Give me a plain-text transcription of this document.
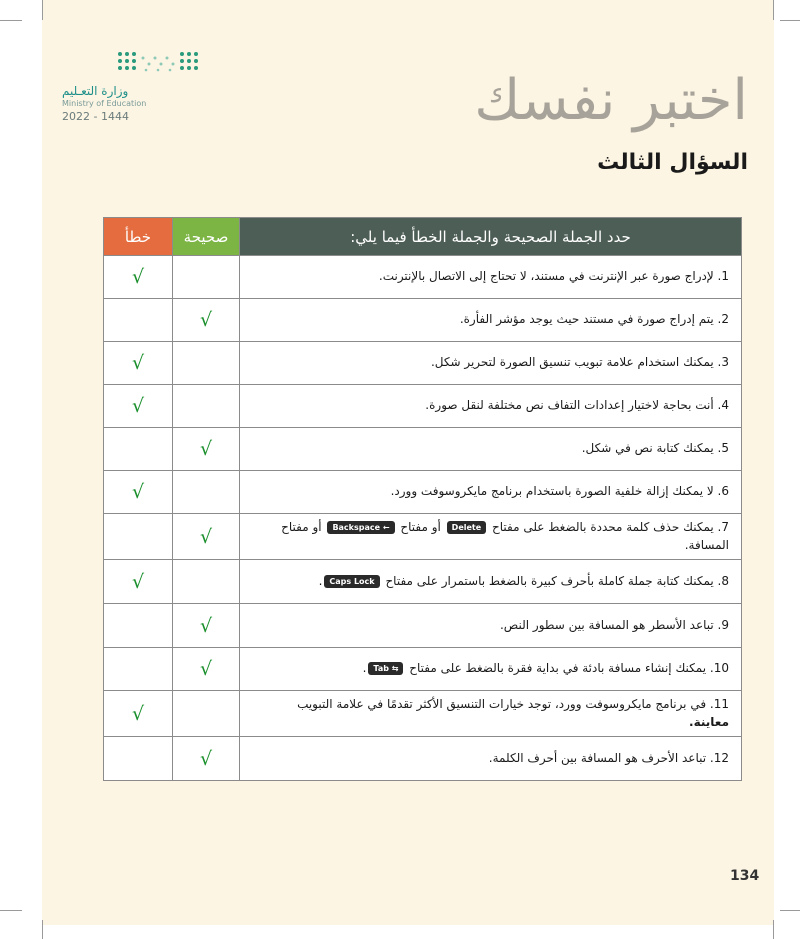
وزارة التعـليم
Ministry of Education
2022 - 1444	اختبر نفسك
السؤال الثالث
حدد الجملة الصحيحة والجملة الخطأ فيما يلي:	صحيحة	خطأ
1. لإدراج صورة عبر الإنترنت في مستند، لا تحتاج إلى الاتصال بالإنترنت.		√
2. يتم إدراج صورة في مستند حيث يوجد مؤشر الفأرة.	√	
3. يمكنك استخدام علامة تبويب تنسيق الصورة لتحرير شكل.		√
4. أنت بحاجة لاختيار إعدادات التفاف نص مختلفة لنقل صورة.		√
5. يمكنك كتابة نص في شكل.	√	
6. لا يمكنك إزالة خلفية الصورة باستخدام برنامج مايكروسوفت وورد.		√
7. يمكنك حذف كلمة محددة بالضغط على مفتاح Delete أو مفتاح Backspace ← أو مفتاح المسافة.	√	
8. يمكنك كتابة جملة كاملة بأحرف كبيرة بالضغط باستمرار على مفتاح Caps Lock.		√
9. تباعد الأسطر هو المسافة بين سطور النص.	√	
10. يمكنك إنشاء مسافة بادئة في بداية فقرة بالضغط على مفتاح Tab ⇆.	√	
11. في برنامج مايكروسوفت وورد، توجد خيارات التنسيق الأكثر تقدمًا في علامة التبويب معاينة.		√
12. تباعد الأحرف هو المسافة بين أحرف الكلمة.	√	
134
